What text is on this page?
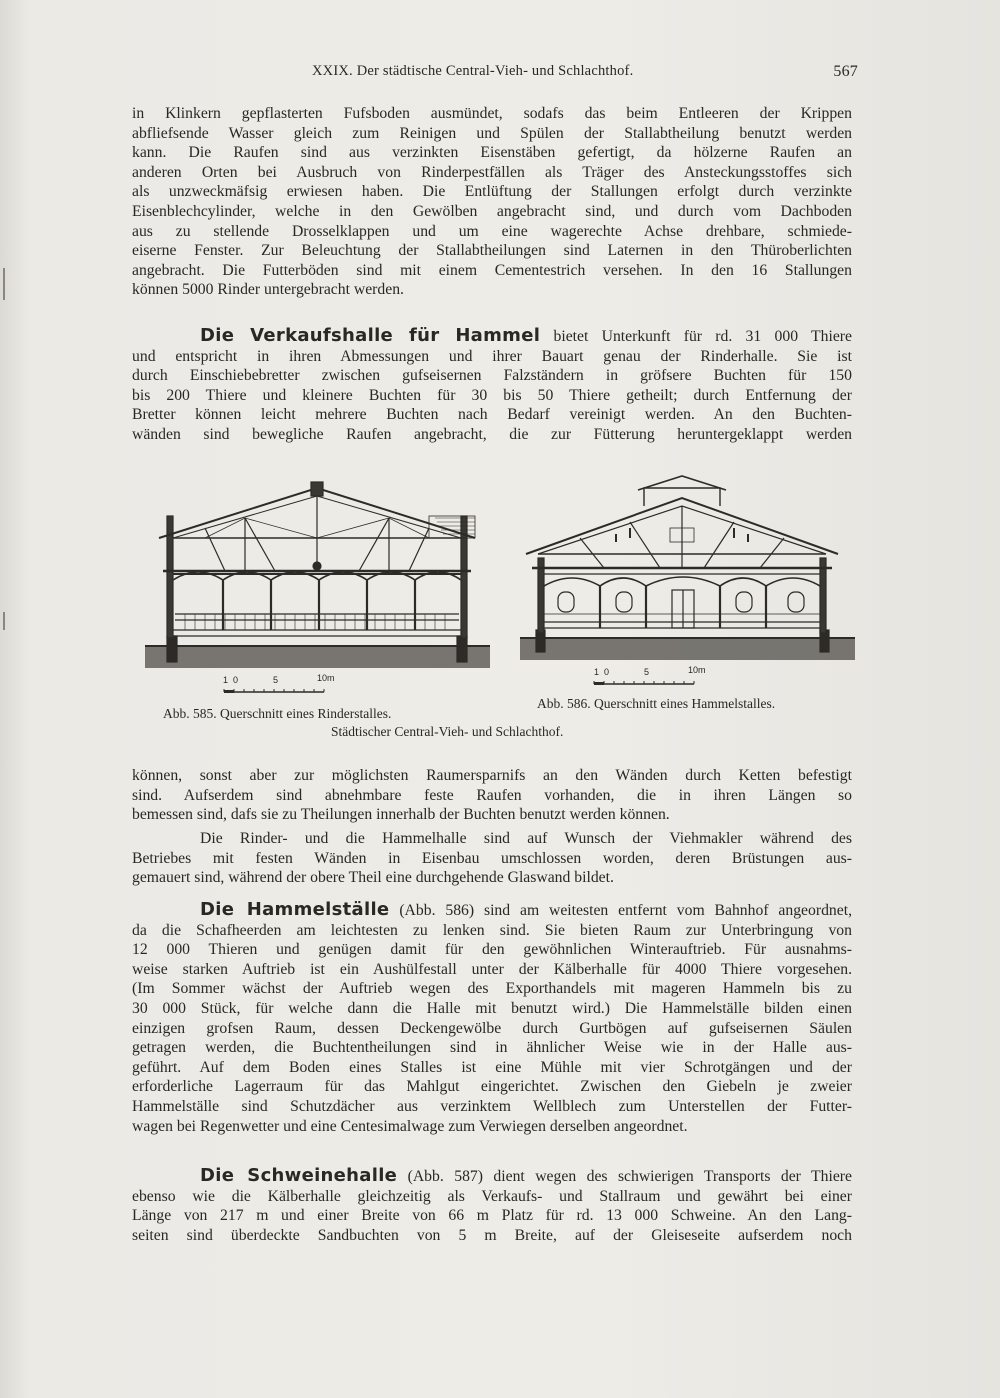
XXIX. Der städtische Central-Vieh- und Schlachthof.	567
in Klinkern gepflasterten Fufsboden ausmündet, sodafs das beim Entleeren der Krippen
abfliefsende Wasser gleich zum Reinigen und Spülen der Stallabtheilung benutzt werden
kann. Die Raufen sind aus verzinkten Eisenstäben gefertigt, da hölzerne Raufen an
anderen Orten bei Ausbruch von Rinderpestfällen als Träger des Ansteckungsstoffes sich
als unzweckmäfsig erwiesen haben. Die Entlüftung der Stallungen erfolgt durch verzinkte
Eisenblechcylinder, welche in den Gewölben angebracht sind, und durch vom Dachboden
aus zu stellende Drosselklappen und um eine wagerechte Achse drehbare, schmiede-
eiserne Fenster. Zur Beleuchtung der Stallabtheilungen sind Laternen in den Thüroberlichten
angebracht. Die Futterböden sind mit einem Cementestrich versehen. In den 16 Stallungen
können 5000 Rinder untergebracht werden.
Die Verkaufshalle für Hammel bietet Unterkunft für rd. 31 000 Thiere
und entspricht in ihren Abmessungen und ihrer Bauart genau der Rinderhalle. Sie ist
durch Einschiebebretter zwischen gufseisernen Falzständern in gröfsere Buchten für 150
bis 200 Thiere und kleinere Buchten für 30 bis 50 Thiere getheilt; durch Entfernung der
Bretter können leicht mehrere Buchten nach Bedarf vereinigt werden. An den Buchten-
wänden sind bewegliche Raufen angebracht, die zur Fütterung heruntergeklappt werden
1 0	5	10m
1 0	5	10m
Abb. 585. Querschnitt eines Rinderstalles.
Abb. 586. Querschnitt eines Hammelstalles.
Städtischer Central-Vieh- und Schlachthof.
können, sonst aber zur möglichsten Raumersparnifs an den Wänden durch Ketten befestigt
sind. Aufserdem sind abnehmbare feste Raufen vorhanden, die in ihren Längen so
bemessen sind, dafs sie zu Theilungen innerhalb der Buchten benutzt werden können.
Die Rinder- und die Hammelhalle sind auf Wunsch der Viehmakler während des
Betriebes mit festen Wänden in Eisenbau umschlossen worden, deren Brüstungen aus-
gemauert sind, während der obere Theil eine durchgehende Glaswand bildet.
Die Hammelställe (Abb. 586) sind am weitesten entfernt vom Bahnhof angeordnet,
da die Schafheerden am leichtesten zu lenken sind. Sie bieten Raum zur Unterbringung von
12 000 Thieren und genügen damit für den gewöhnlichen Winterauftrieb. Für ausnahms-
weise starken Auftrieb ist ein Aushülfestall unter der Kälberhalle für 4000 Thiere vorgesehen.
(Im Sommer wächst der Auftrieb wegen des Exporthandels mit mageren Hammeln bis zu
30 000 Stück, für welche dann die Halle mit benutzt wird.) Die Hammelställe bilden einen
einzigen grofsen Raum, dessen Deckengewölbe durch Gurtbögen auf gufseisernen Säulen
getragen werden, die Buchtentheilungen sind in ähnlicher Weise wie in der Halle aus-
geführt. Auf dem Boden eines Stalles ist eine Mühle mit vier Schrotgängen und der
erforderliche Lagerraum für das Mahlgut eingerichtet. Zwischen den Giebeln je zweier
Hammelställe sind Schutzdächer aus verzinktem Wellblech zum Unterstellen der Futter-
wagen bei Regenwetter und eine Centesimalwage zum Verwiegen derselben angeordnet.
Die Schweinehalle (Abb. 587) dient wegen des schwierigen Transports der Thiere
ebenso wie die Kälberhalle gleichzeitig als Verkaufs- und Stallraum und gewährt bei einer
Länge von 217 m und einer Breite von 66 m Platz für rd. 13 000 Schweine. An den Lang-
seiten sind überdeckte Sandbuchten von 5 m Breite, auf der Gleiseseite aufserdem noch
